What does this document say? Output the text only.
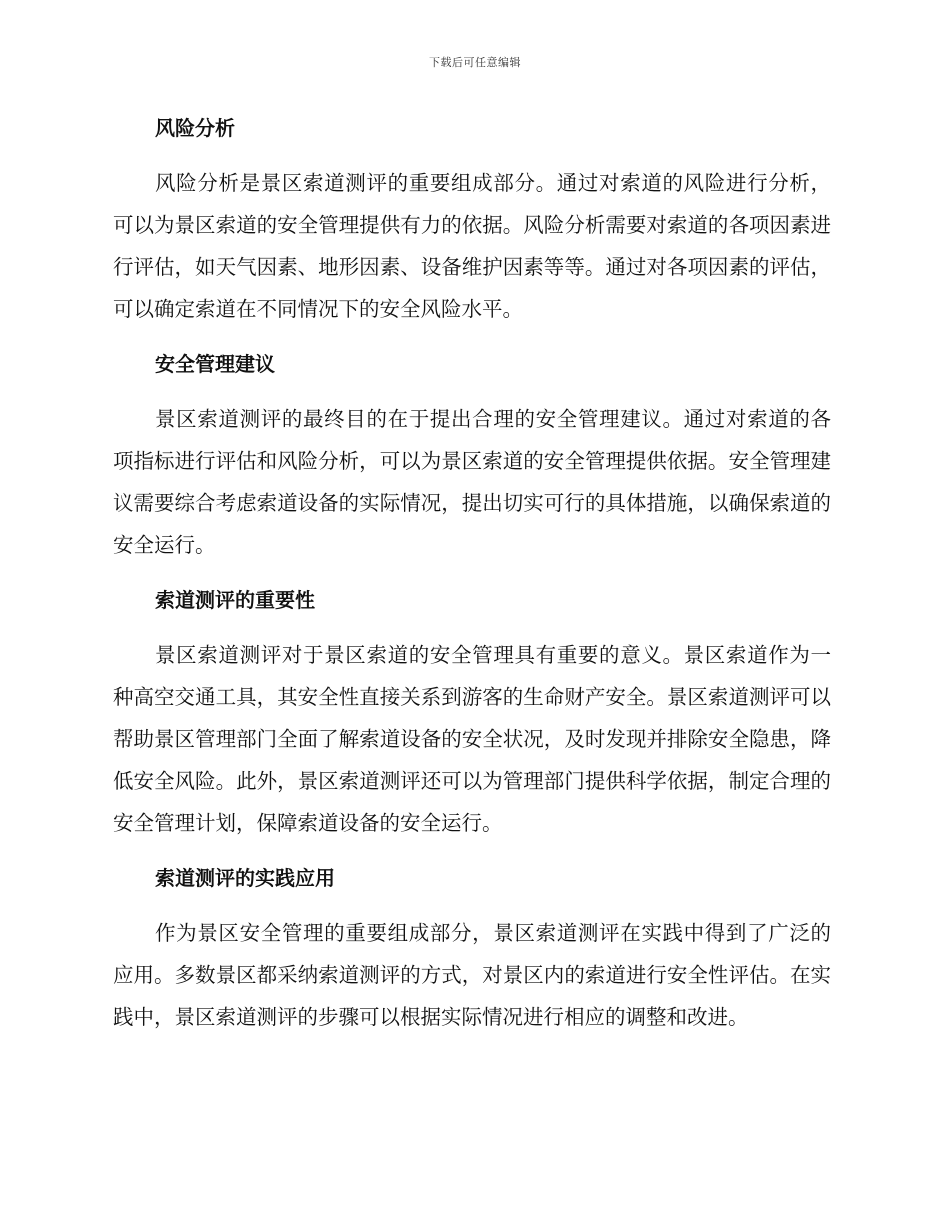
下载后可任意编辑
风险分析

风险分析是景区索道测评的重要组成部分。通过对索道的风险进行分析，可以为景区索道的安全管理提供有力的依据。风险分析需要对索道的各项因素进行评估，如天气因素、地形因素、设备维护因素等等。通过对各项因素的评估，可以确定索道在不同情况下的安全风险水平。

安全管理建议

景区索道测评的最终目的在于提出合理的安全管理建议。通过对索道的各项指标进行评估和风险分析，可以为景区索道的安全管理提供依据。安全管理建议需要综合考虑索道设备的实际情况，提出切实可行的具体措施，以确保索道的安全运行。

索道测评的重要性

景区索道测评对于景区索道的安全管理具有重要的意义。景区索道作为一种高空交通工具，其安全性直接关系到游客的生命财产安全。景区索道测评可以帮助景区管理部门全面了解索道设备的安全状况，及时发现并排除安全隐患，降低安全风险。此外，景区索道测评还可以为管理部门提供科学依据，制定合理的安全管理计划，保障索道设备的安全运行。

索道测评的实践应用

作为景区安全管理的重要组成部分，景区索道测评在实践中得到了广泛的应用。多数景区都采纳索道测评的方式，对景区内的索道进行安全性评估。在实践中，景区索道测评的步骤可以根据实际情况进行相应的调整和改进。
